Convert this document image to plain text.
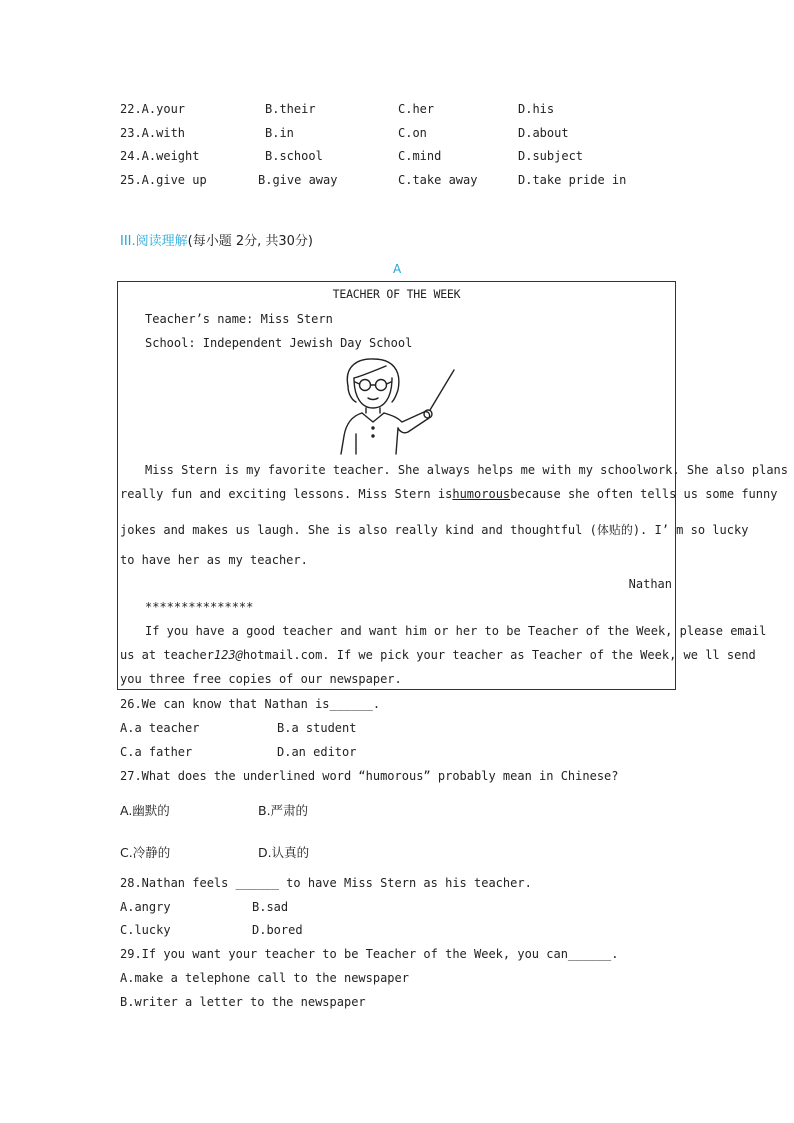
22.A.your	B.their	C.her	D.his
23.A.with	B.in	C.on	D.about
24.A.weight	B.school	C.mind	D.subject
25.A.give up	B.give away	C.take away	D.take pride in
III.阅读理解(每小题 2分, 共30分)
A
TEACHER OF THE WEEK
Teacher’s name: Miss Stern
School: Independent Jewish Day School
Miss Stern is my favorite teacher. She always helps me with my schoolwork. She also plans
really fun and exciting lessons. Miss Stern is humorous because she often tells us some funny
jokes and makes us laugh. She is also really kind and thoughtful (体贴的). I’ m so lucky
to have her as my teacher.
Nathan
***************
If you have a good teacher and want him or her to be Teacher of the Week, please email
us at teacher123@hotmail.com. If we pick your teacher as Teacher of the Week, we ll send
you three free copies of our newspaper.
26.We can know that Nathan is______.
A.a teacher	B.a student
C.a father	D.an editor
27.What does the underlined word “humorous” probably mean in Chinese?
A.幽默的	B.严肃的
C.冷静的	D.认真的
28.Nathan feels ______ to have Miss Stern as his teacher.
A.angry	B.sad
C.lucky	D.bored
29.If you want your teacher to be Teacher of the Week, you can______.
A.make a telephone call to the newspaper
B.writer a letter to the newspaper
